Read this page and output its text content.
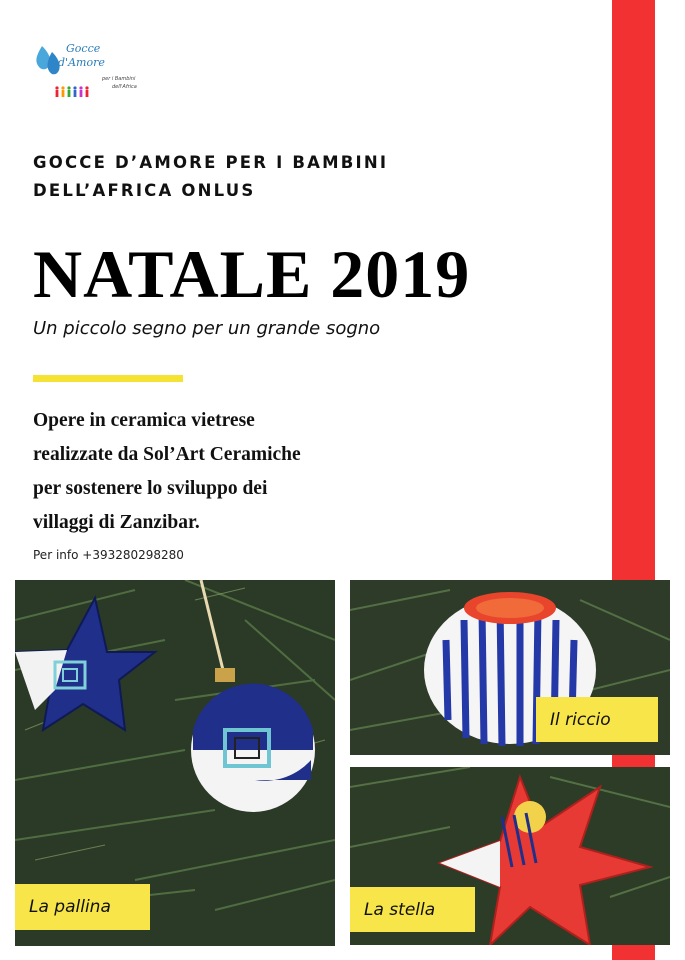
Gocce
d'Amore
per i Bambini
dell'Africa
GOCCE D’AMORE PER I BAMBINI
DELL’AFRICA ONLUS
NATALE 2019
Un piccolo segno per un grande sogno
Opere in ceramica vietrese
realizzate da Sol’Art Ceramiche
per sostenere lo sviluppo dei
villaggi di Zanzibar.
Per info +393280298280
La pallina
Il riccio
La stella
